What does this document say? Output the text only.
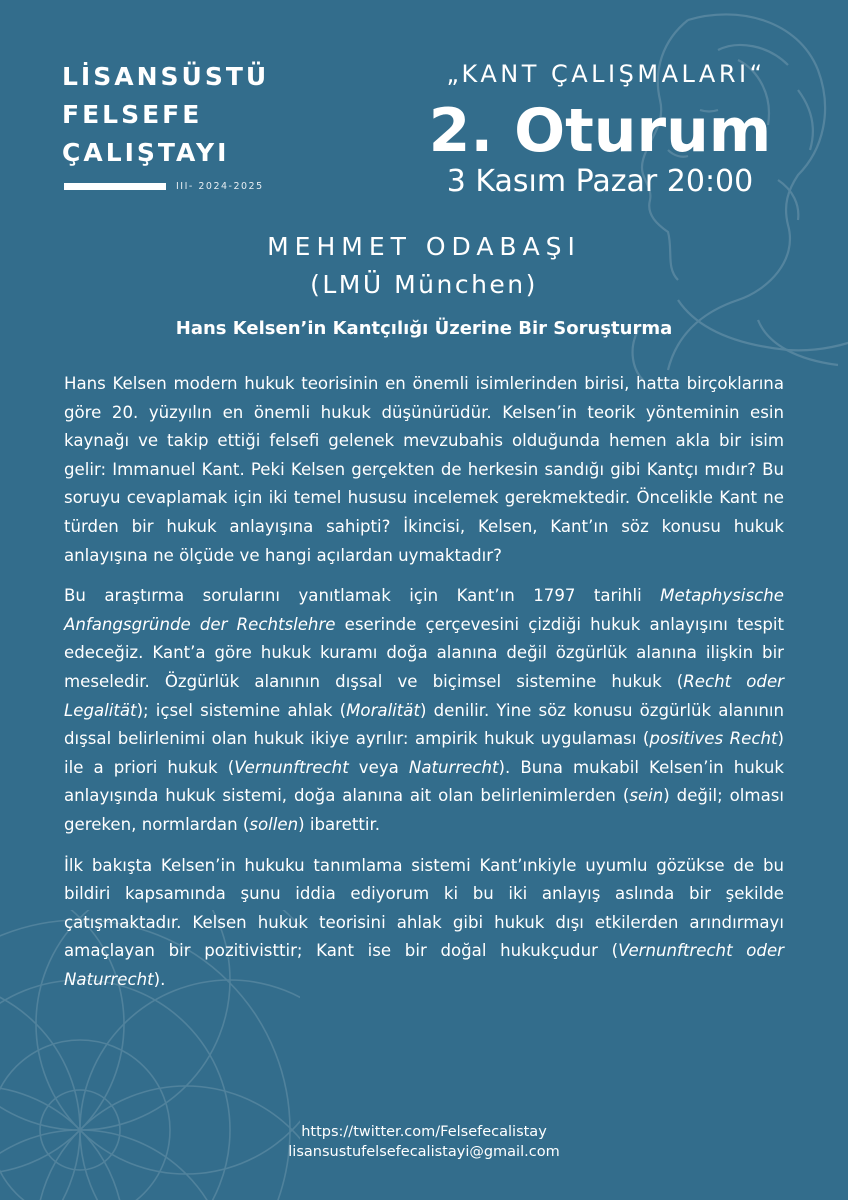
LİSANSÜSTÜ
FELSEFE
ÇALIŞTAYI
III- 2024-2025
„KANT ÇALIŞMALARI“
2. Oturum
3 Kasım Pazar 20:00
MEHMET ODABAŞI
(LMÜ München)
Hans Kelsen’in Kantçılığı Üzerine Bir Soruşturma

Hans Kelsen modern hukuk teorisinin en önemli isimlerinden birisi, hatta birçoklarına göre 20. yüzyılın en önemli hukuk düşünürüdür. Kelsen’in teorik yönteminin esin kaynağı ve takip ettiği felsefi gelenek mevzubahis olduğunda hemen akla bir isim gelir: Immanuel Kant. Peki Kelsen gerçekten de herkesin sandığı gibi Kantçı mıdır? Bu soruyu cevaplamak için iki temel hususu incelemek gerekmektedir. Öncelikle Kant ne türden bir hukuk anlayışına sahipti? İkincisi, Kelsen, Kant’ın söz konusu hukuk anlayışına ne ölçüde ve hangi açılardan uymaktadır?

Bu araştırma sorularını yanıtlamak için Kant’ın 1797 tarihli Metaphysische Anfangsgründe der Rechtslehre eserinde çerçevesini çizdiği hukuk anlayışını tespit edeceğiz. Kant’a göre hukuk kuramı doğa alanına değil özgürlük alanına ilişkin bir meseledir. Özgürlük alanının dışsal ve biçimsel sistemine hukuk (Recht oder Legalität); içsel sistemine ahlak (Moralität) denilir. Yine söz konusu özgürlük alanının dışsal belirlenimi olan hukuk ikiye ayrılır: ampirik hukuk uygulaması (positives Recht) ile a priori hukuk (Vernunftrecht veya Naturrecht). Buna mukabil Kelsen’in hukuk anlayışında hukuk sistemi, doğa alanına ait olan belirlenimlerden (sein) değil; olması gereken, normlardan (sollen) ibarettir.

İlk bakışta Kelsen’in hukuku tanımlama sistemi Kant’ınkiyle uyumlu gözükse de bu bildiri kapsamında şunu iddia ediyorum ki bu iki anlayış aslında bir şekilde çatışmaktadır. Kelsen hukuk teorisini ahlak gibi hukuk dışı etkilerden arındırmayı amaçlayan bir pozitivisttir; Kant ise bir doğal hukukçudur (Vernunftrecht oder Naturrecht).

https://twitter.com/Felsefecalistay
lisansustufelsefecalistayi@gmail.com
